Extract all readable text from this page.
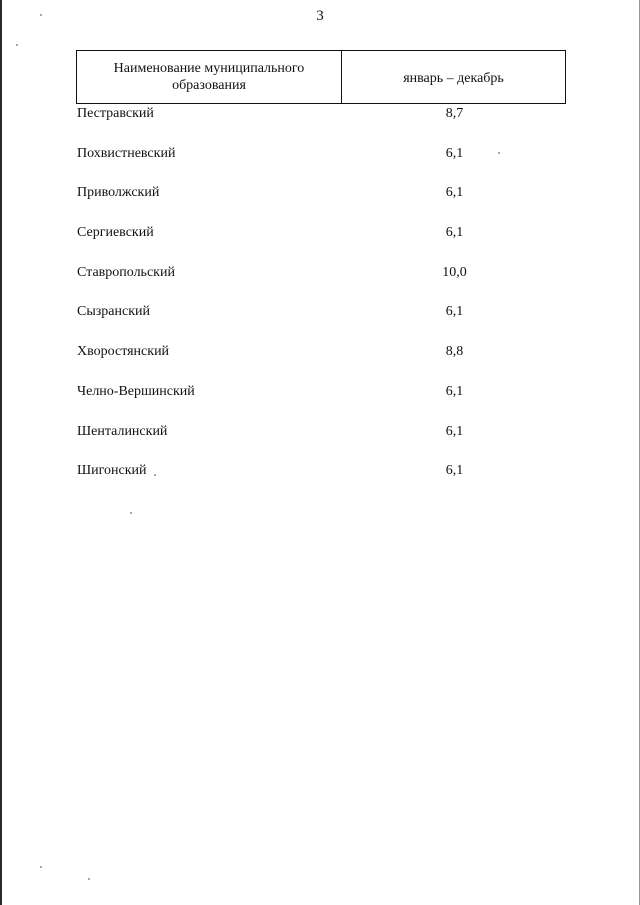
3
Наименование муниципального образования	январь – декабрь
Пестравский	8,7
Похвистневский	6,1
Приволжский	6,1
Сергиевский	6,1
Ставропольский	10,0
Сызранский	6,1
Хворостянский	8,8
Челно-Вершинский	6,1
Шенталинский	6,1
Шигонский	6,1
